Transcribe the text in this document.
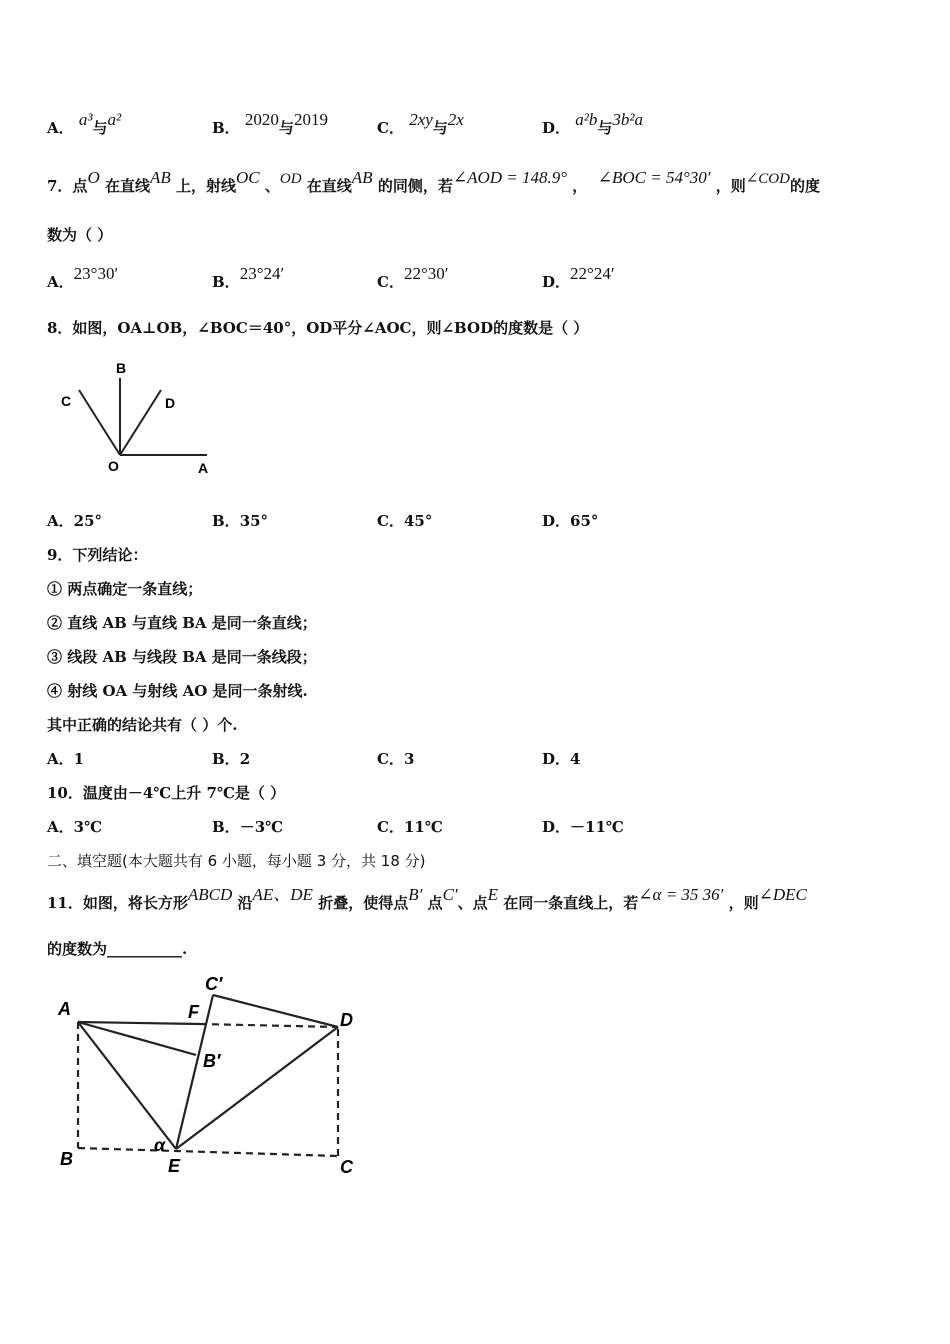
A． a³与a²	B． 2020与2019	C． 2xy与2x	D． a²b与3b²a
7．点O 在直线AB 上，射线OC 、OD 在直线AB 的同侧，若∠AOD = 148.9° ， ∠BOC = 54°30′ ，则∠COD的度
数为（ ）
A．23°30′	B．23°24′	C．22°30′	D．22°24′
8．如图，OA⊥OB，∠BOC＝40°，OD平分∠AOC，则∠BOD的度数是（ ）
B
C	D
O	A
A．25°	B．35°	C．45°	D．65°
9．下列结论：
① 两点确定一条直线；
② 直线 AB 与直线 BA 是同一条直线；
③ 线段 AB 与线段 BA 是同一条线段；
④ 射线 OA 与射线 AO 是同一条射线.
其中正确的结论共有（ ）个.
A．1	B．2	C．3	D．4
10．温度由－4℃上升 7℃是（ ）
A．3℃	B．－3℃	C．11℃	D．－11℃
二、填空题(本大题共有 6 小题，每小题 3 分，共 18 分)
11．如图，将长方形ABCD 沿AE、DE 折叠，使得点B′ 点C′、点E 在同一条直线上，若∠α = 35 36′ ，则∠DEC
的度数为__________.
A	F
C′
D
B′
B
α
E	C
